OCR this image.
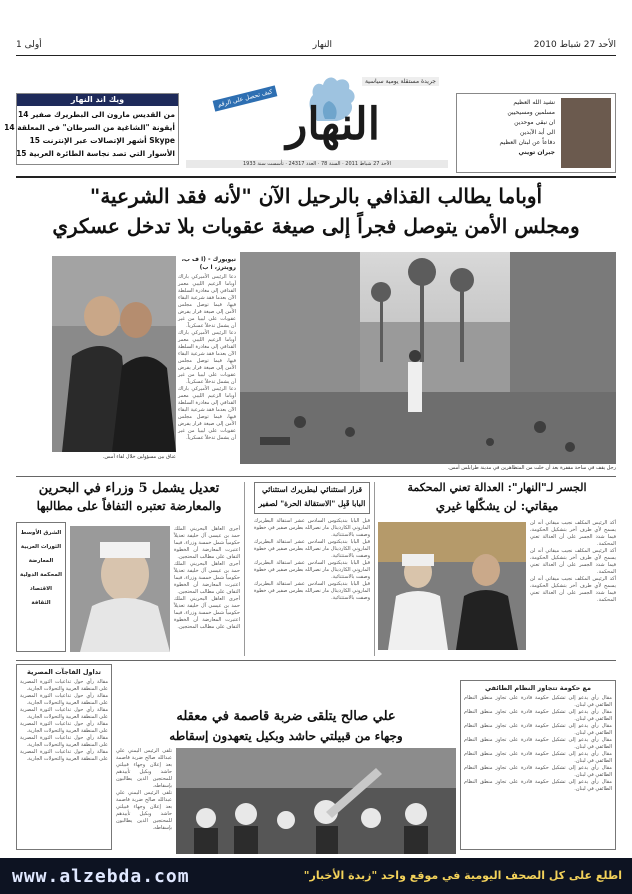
الأحد 27 شباط 2010
النهار
أولى 1
نشيد الله العظيم
مسلمين ومسيحيين
ان نبقى موحدين
الى أبد الآبدين
دفاعاً عن لبنان العظيم
جبران تويني
النهار
جريدة مستقلة يومية سياسية
كيف تحصل على الرقم
ويك اند النهار
من القديس مارون الى البطريرك صفير 14
أيقونة "الشاغية من السرطان" في المعلقة 14
Skype أشهر الإتصالات عبر الإنترنت 15
الأسوار التي تصد نجاسة الطائرة العربية 15
الأحد 27 شباط 2011 · السنة 78 · العدد 24317 · تأسست سنة 1933
أوباما يطالب القذافي بالرحيل الآن "لأنه فقد الشرعية"
ومجلس الأمن يتوصل فجراً إلى صيغة عقوبات بلا تدخل عسكري
رجل يقف في ساحة مقفرة بعد أن خلت من المتظاهرين في مدينة طرابلس أمس.
نيويورك - (ا ف ب، رويترز، ا ب)
دعا الرئيس الأميركي باراك أوباما الزعيم الليبي معمر القذافي إلى مغادرة السلطة الآن بعدما فقد شرعية البقاء فيها، فيما توصل مجلس الأمن إلى صيغة قرار يفرض عقوبات على ليبيا من غير أن يشمل تدخلاً عسكرياً.
دعا الرئيس الأميركي باراك أوباما الزعيم الليبي معمر القذافي إلى مغادرة السلطة الآن بعدما فقد شرعية البقاء فيها، فيما توصل مجلس الأمن إلى صيغة قرار يفرض عقوبات على ليبيا من غير أن يشمل تدخلاً عسكرياً.
دعا الرئيس الأميركي باراك أوباما الزعيم الليبي معمر القذافي إلى مغادرة السلطة الآن بعدما فقد شرعية البقاء فيها، فيما توصل مجلس الأمن إلى صيغة قرار يفرض عقوبات على ليبيا من غير أن يشمل تدخلاً عسكرياً.
عناق بين مسؤولين خلال لقاء أمس.
تعديل يشمل 5 وزراء في البحرين
والمعارضة تعتبره التفافاً على مطالبها
الشرق الأوسط
الثورات العربية
المعارضة
المحكمة الدولية
الاقتصاد
الثقافة
أجرى العاهل البحريني الملك حمد بن عيسى آل خليفة تعديلاً حكومياً شمل خمسة وزراء، فيما اعتبرت المعارضة أن الخطوة التفاف على مطالب المحتجين.
أجرى العاهل البحريني الملك حمد بن عيسى آل خليفة تعديلاً حكومياً شمل خمسة وزراء، فيما اعتبرت المعارضة أن الخطوة التفاف على مطالب المحتجين.
أجرى العاهل البحريني الملك حمد بن عيسى آل خليفة تعديلاً حكومياً شمل خمسة وزراء، فيما اعتبرت المعارضة أن الخطوة التفاف على مطالب المحتجين.
قرار استثنائي لبطريرك استثنائي
البابا قَبِل "الاستقالة الحرة" لصفير
قبل البابا بنديكتوس السادس عشر استقالة البطريرك الماروني الكاردينال مار نصرالله بطرس صفير في خطوة وصفت بالاستثنائية.
قبل البابا بنديكتوس السادس عشر استقالة البطريرك الماروني الكاردينال مار نصرالله بطرس صفير في خطوة وصفت بالاستثنائية.
قبل البابا بنديكتوس السادس عشر استقالة البطريرك الماروني الكاردينال مار نصرالله بطرس صفير في خطوة وصفت بالاستثنائية.
قبل البابا بنديكتوس السادس عشر استقالة البطريرك الماروني الكاردينال مار نصرالله بطرس صفير في خطوة وصفت بالاستثنائية.
الجسر لـ"النهار": العدالة تعني المحكمة
ميقاتي: لن يشكّلها غيري
أكد الرئيس المكلف نجيب ميقاتي أنه لن يسمح لأي طرف آخر بتشكيل الحكومة، فيما شدد الجسر على أن العدالة تعني المحكمة.
أكد الرئيس المكلف نجيب ميقاتي أنه لن يسمح لأي طرف آخر بتشكيل الحكومة، فيما شدد الجسر على أن العدالة تعني المحكمة.
أكد الرئيس المكلف نجيب ميقاتي أنه لن يسمح لأي طرف آخر بتشكيل الحكومة، فيما شدد الجسر على أن العدالة تعني المحكمة.
تداول الفاجآت المصرية
مقالة رأي حول تداعيات الثورة المصرية على المنطقة العربية والتحولات الجارية.
مقالة رأي حول تداعيات الثورة المصرية على المنطقة العربية والتحولات الجارية.
مقالة رأي حول تداعيات الثورة المصرية على المنطقة العربية والتحولات الجارية.
مقالة رأي حول تداعيات الثورة المصرية على المنطقة العربية والتحولات الجارية.
مقالة رأي حول تداعيات الثورة المصرية على المنطقة العربية والتحولات الجارية.
مقالة رأي حول تداعيات الثورة المصرية على المنطقة العربية والتحولات الجارية.
علي صالح يتلقى ضربة قاصمة في معقله
وجهاء من قبيلتي حاشد وبكيل يتعهدون إسقاطه
تلقى الرئيس اليمني علي عبدالله صالح ضربة قاصمة بعد إعلان وجهاء قبيلتي حاشد وبكيل تأييدهم للمحتجين الذين يطالبون بإسقاطه.
تلقى الرئيس اليمني علي عبدالله صالح ضربة قاصمة بعد إعلان وجهاء قبيلتي حاشد وبكيل تأييدهم للمحتجين الذين يطالبون بإسقاطه.
مع حكومة تتجاوز النظام الطائفي
مقال رأي يدعو إلى تشكيل حكومة قادرة على تجاوز منطق النظام الطائفي في لبنان.
مقال رأي يدعو إلى تشكيل حكومة قادرة على تجاوز منطق النظام الطائفي في لبنان.
مقال رأي يدعو إلى تشكيل حكومة قادرة على تجاوز منطق النظام الطائفي في لبنان.
مقال رأي يدعو إلى تشكيل حكومة قادرة على تجاوز منطق النظام الطائفي في لبنان.
مقال رأي يدعو إلى تشكيل حكومة قادرة على تجاوز منطق النظام الطائفي في لبنان.
مقال رأي يدعو إلى تشكيل حكومة قادرة على تجاوز منطق النظام الطائفي في لبنان.
مقال رأي يدعو إلى تشكيل حكومة قادرة على تجاوز منطق النظام الطائفي في لبنان.
www.alzebda.com	اطلع على كل الصحف اليومية في موقع واحد "زبدة الأخبار"
